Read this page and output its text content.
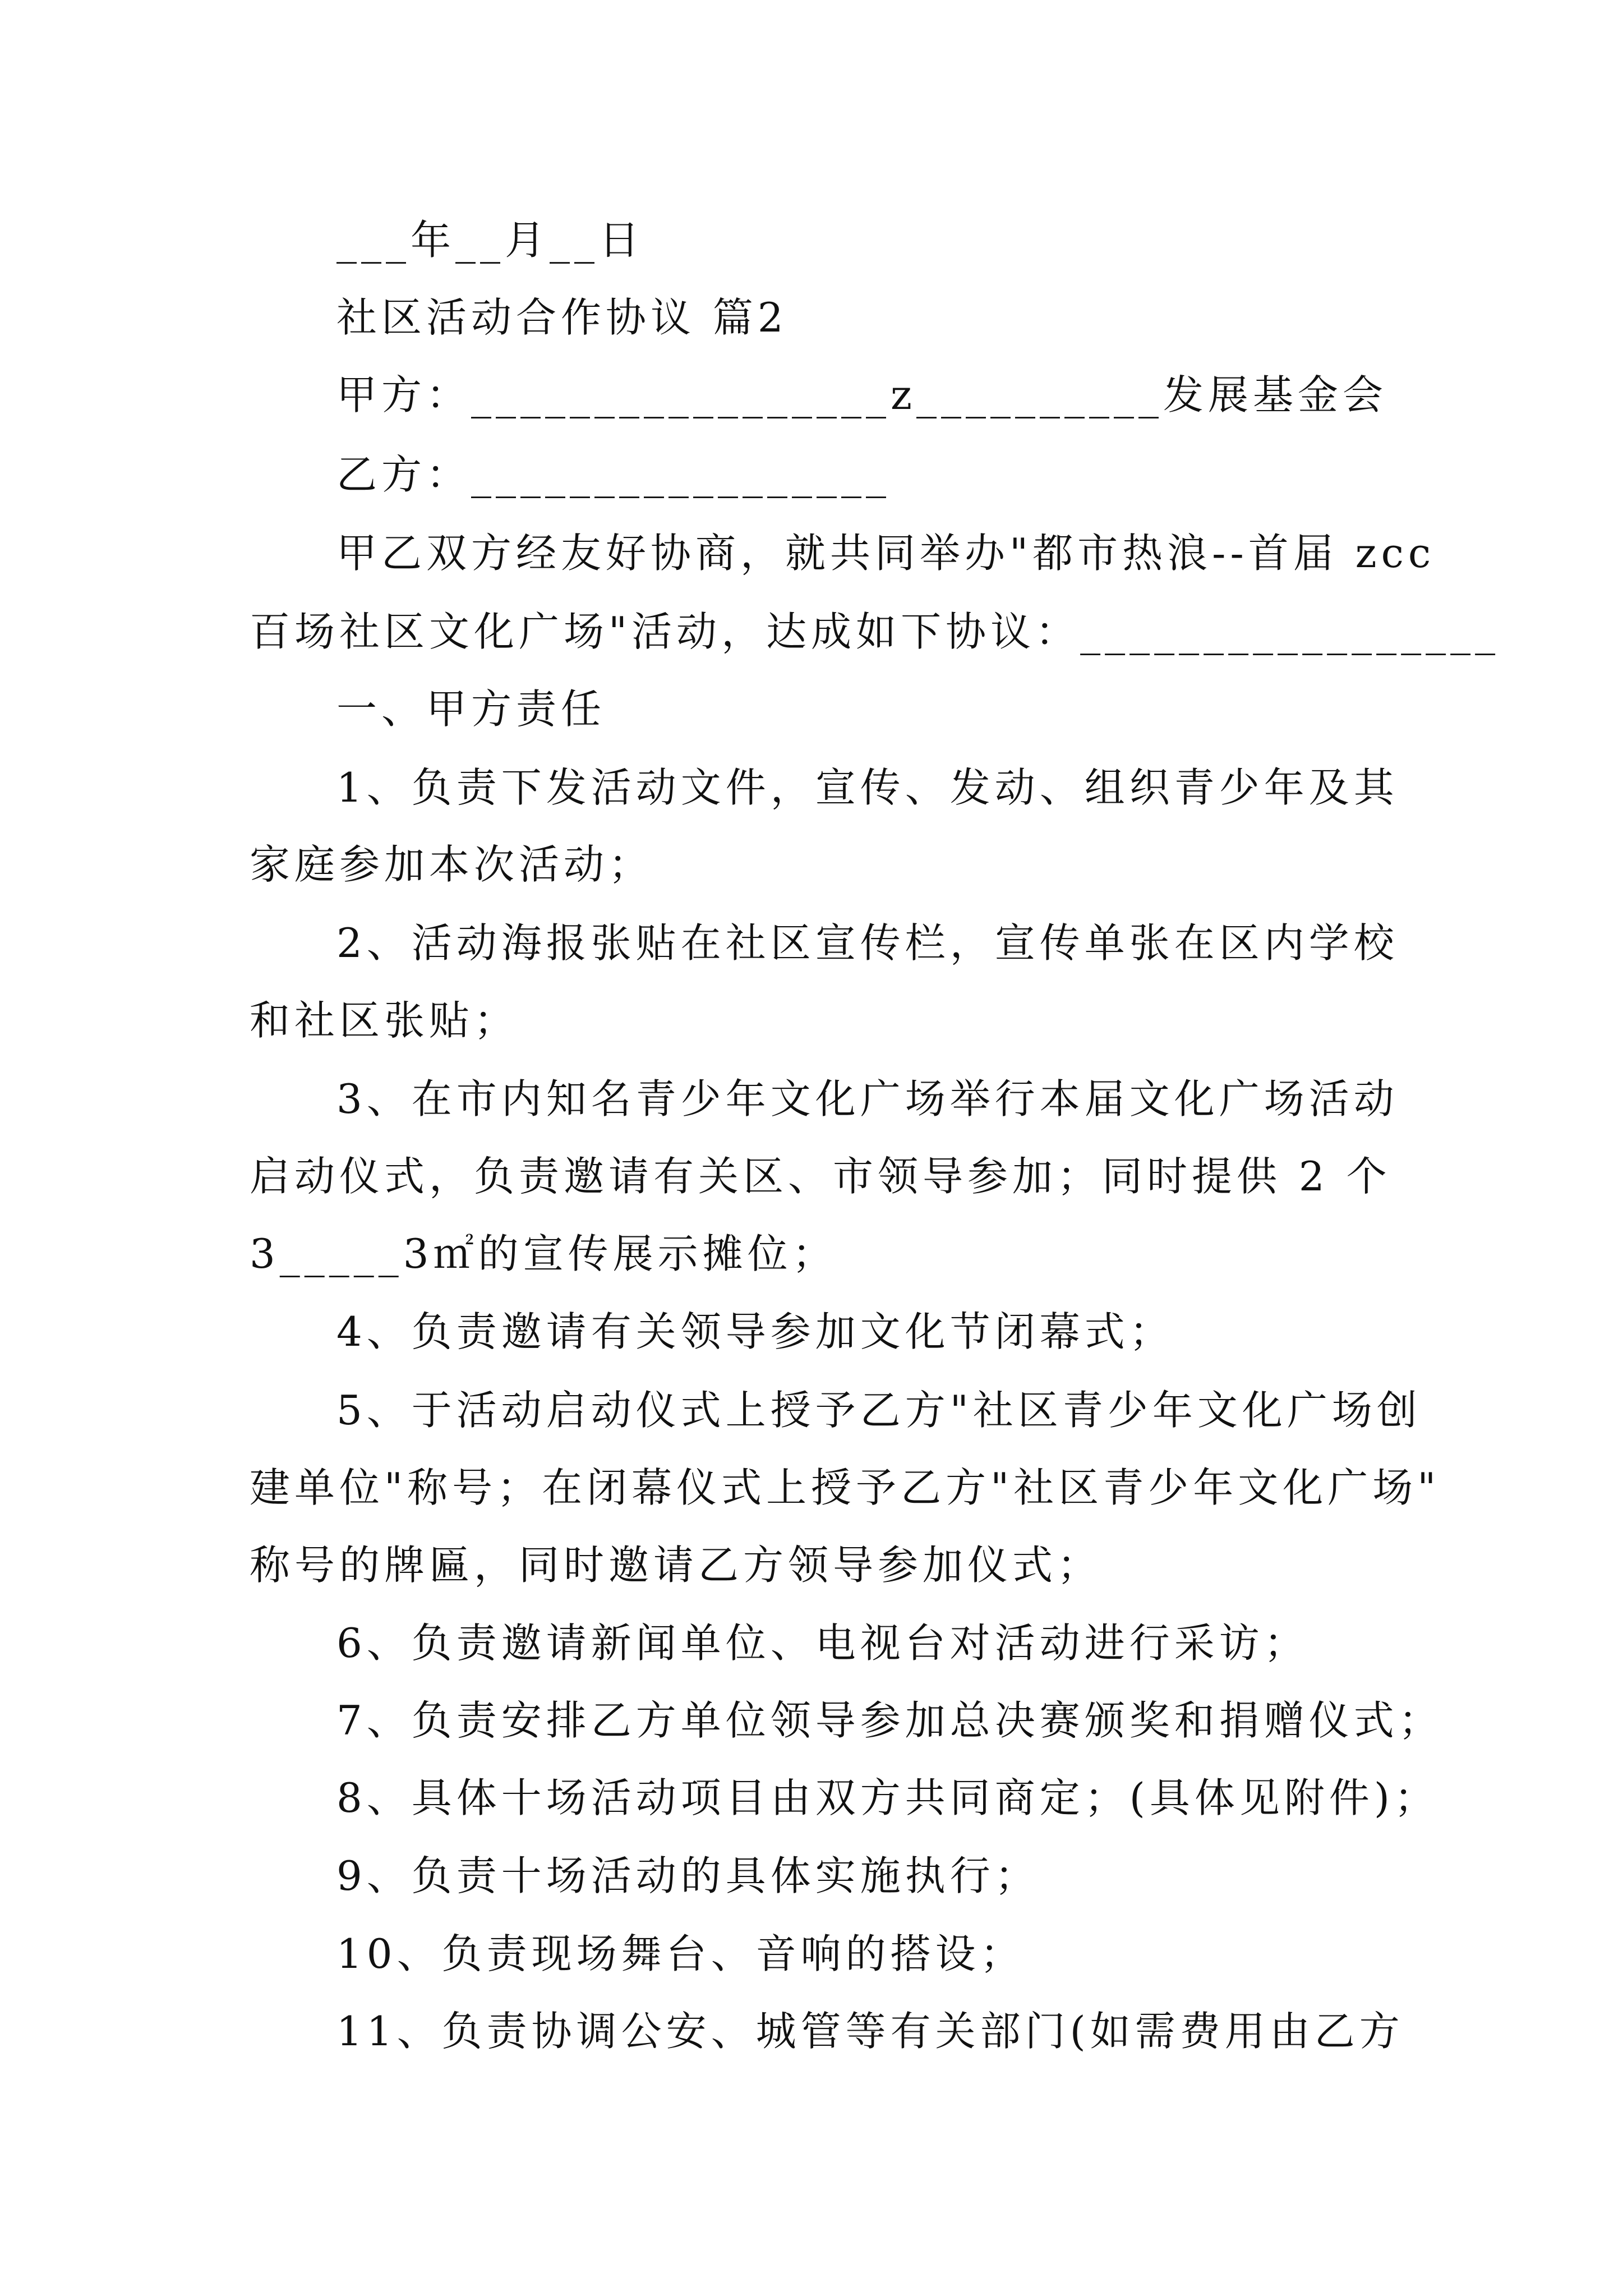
___年__月__日
社区活动合作协议 篇2
甲方：_________________z__________发展基金会
乙方：_________________
甲乙双方经友好协商，就共同举办"都市热浪--首届 zcc
百场社区文化广场"活动，达成如下协议：_________________
一、甲方责任
1、负责下发活动文件，宣传、发动、组织青少年及其
家庭参加本次活动；
2、活动海报张贴在社区宣传栏，宣传单张在区内学校
和社区张贴；
3、在市内知名青少年文化广场举行本届文化广场活动
启动仪式，负责邀请有关区、市领导参加；同时提供 2 个
3_____3㎡的宣传展示摊位；
4、负责邀请有关领导参加文化节闭幕式；
5、于活动启动仪式上授予乙方"社区青少年文化广场创
建单位"称号；在闭幕仪式上授予乙方"社区青少年文化广场"
称号的牌匾，同时邀请乙方领导参加仪式；
6、负责邀请新闻单位、电视台对活动进行采访；
7、负责安排乙方单位领导参加总决赛颁奖和捐赠仪式；
8、具体十场活动项目由双方共同商定；(具体见附件)；
9、负责十场活动的具体实施执行；
10、负责现场舞台、音响的搭设；
11、负责协调公安、城管等有关部门(如需费用由乙方
